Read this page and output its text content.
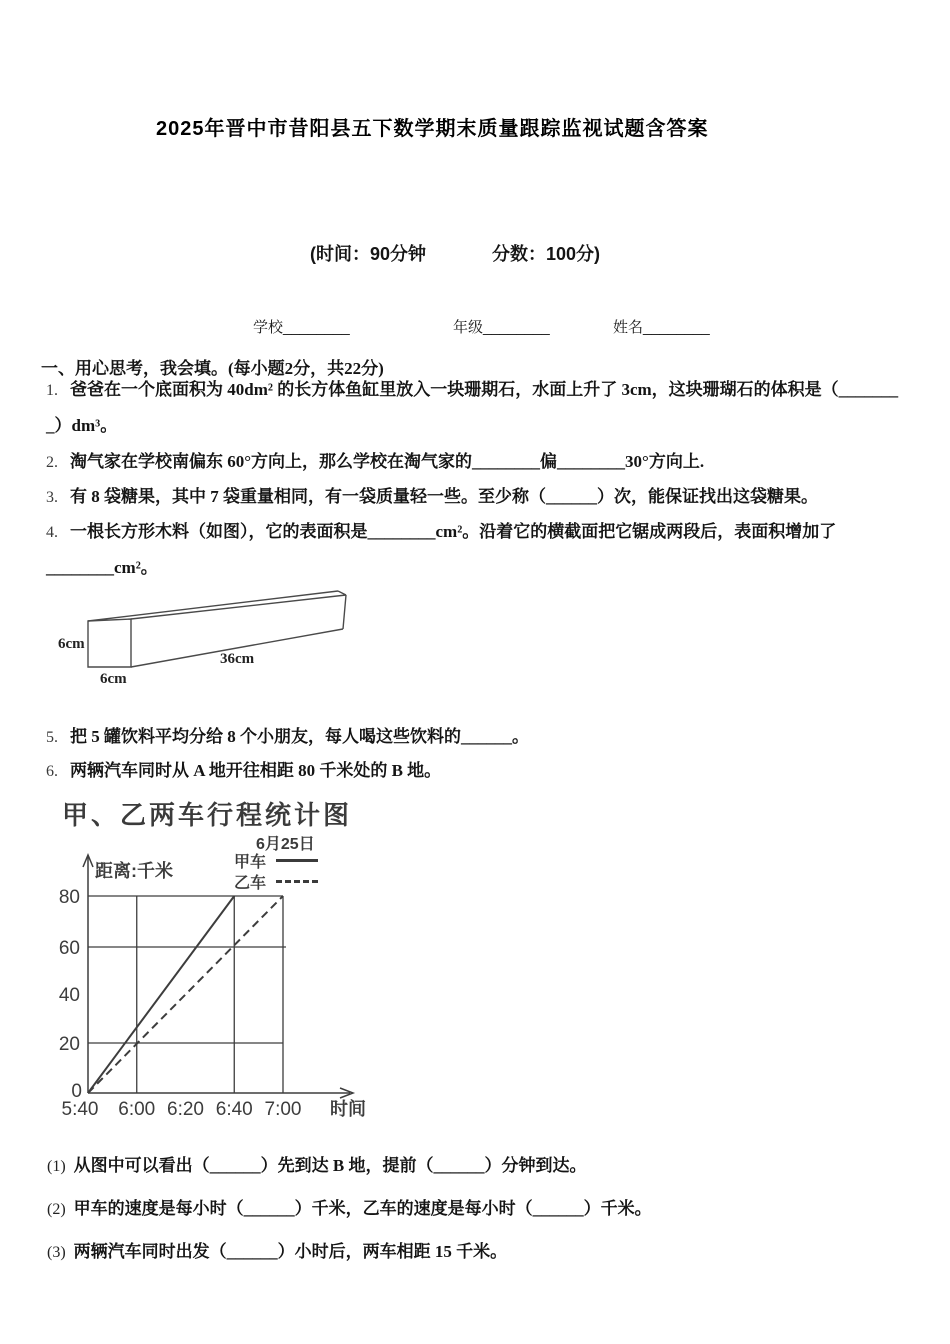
2025年晋中市昔阳县五下数学期末质量跟踪监视试题含答案
(时间：90分钟	分数：100分)
学校________	年级________	姓名________
一、用心思考，我会填。(每小题2分，共22分)
1. 爸爸在一个底面积为 40dm² 的长方体鱼缸里放入一块珊期石，水面上升了 3cm，这块珊瑚石的体积是（_______
_）dm³。
2. 淘气家在学校南偏东 60°方向上，那么学校在淘气家的________偏________30°方向上.
3. 有 8 袋糖果，其中 7 袋重量相同，有一袋质量轻一些。至少称（______）次，能保证找出这袋糖果。
4. 一根长方形木料（如图），它的表面积是________cm²。沿着它的横截面把它锯成两段后，表面积增加了
________cm²。
6cm
6cm
36cm
5. 把 5 罐饮料平均分给 8 个小朋友，每人喝这些饮料的______。
6. 两辆汽车同时从 A 地开往相距 80 千米处的 B 地。
甲、乙两车行程统计图
6月25日
甲车
乙车
80
60
40
20
0
5:40 6:00 6:20 6:40 7:00
距离:千米
时间
(1) 从图中可以看出（______）先到达 B 地，提前（______）分钟到达。
(2) 甲车的速度是每小时（______）千米，乙车的速度是每小时（______）千米。
(3) 两辆汽车同时出发（______）小时后，两车相距 15 千米。
